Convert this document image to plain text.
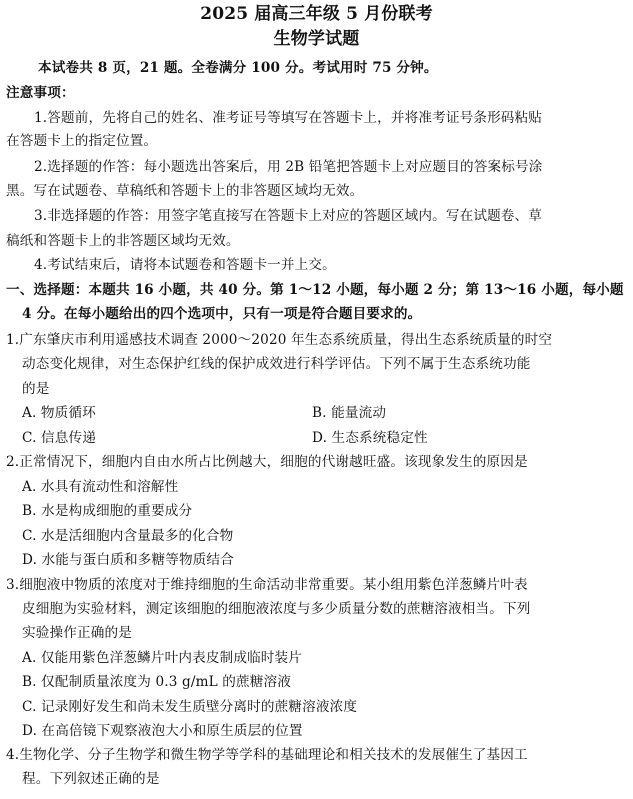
2025 届高三年级 5 月份联考
生物学试题
本试卷共 8 页，21 题。全卷满分 100 分。考试用时 75 分钟。
注意事项：
1.答题前，先将自己的姓名、准考证号等填写在答题卡上，并将准考证号条形码粘贴
在答题卡上的指定位置。
2.选择题的作答：每小题选出答案后，用 2B 铅笔把答题卡上对应题目的答案标号涂
黑。写在试题卷、草稿纸和答题卡上的非答题区域均无效。
3.非选择题的作答：用签字笔直接写在答题卡上对应的答题区域内。写在试题卷、草
稿纸和答题卡上的非答题区域均无效。
4.考试结束后，请将本试题卷和答题卡一并上交。
一、选择题：本题共 16 小题，共 40 分。第 1～12 小题，每小题 2 分；第 13～16 小题，每小题
4 分。在每小题给出的四个选项中，只有一项是符合题目要求的。
1.广东肇庆市利用遥感技术调查 2000～2020 年生态系统质量，得出生态系统质量的时空
动态变化规律，对生态保护红线的保护成效进行科学评估。下列不属于生态系统功能
的是
A. 物质循环	B. 能量流动
C. 信息传递	D. 生态系统稳定性
2.正常情况下，细胞内自由水所占比例越大，细胞的代谢越旺盛。该现象发生的原因是
A. 水具有流动性和溶解性
B. 水是构成细胞的重要成分
C. 水是活细胞内含量最多的化合物
D. 水能与蛋白质和多糖等物质结合
3.细胞液中物质的浓度对于维持细胞的生命活动非常重要。某小组用紫色洋葱鳞片叶表
皮细胞为实验材料，测定该细胞的细胞液浓度与多少质量分数的蔗糖溶液相当。下列
实验操作正确的是
A. 仅能用紫色洋葱鳞片叶内表皮制成临时装片
B. 仅配制质量浓度为 0.3 g/mL 的蔗糖溶液
C. 记录刚好发生和尚未发生质壁分离时的蔗糖溶液浓度
D. 在高倍镜下观察液泡大小和原生质层的位置
4.生物化学、分子生物学和微生物学等学科的基础理论和相关技术的发展催生了基因工
程。下列叙述正确的是
